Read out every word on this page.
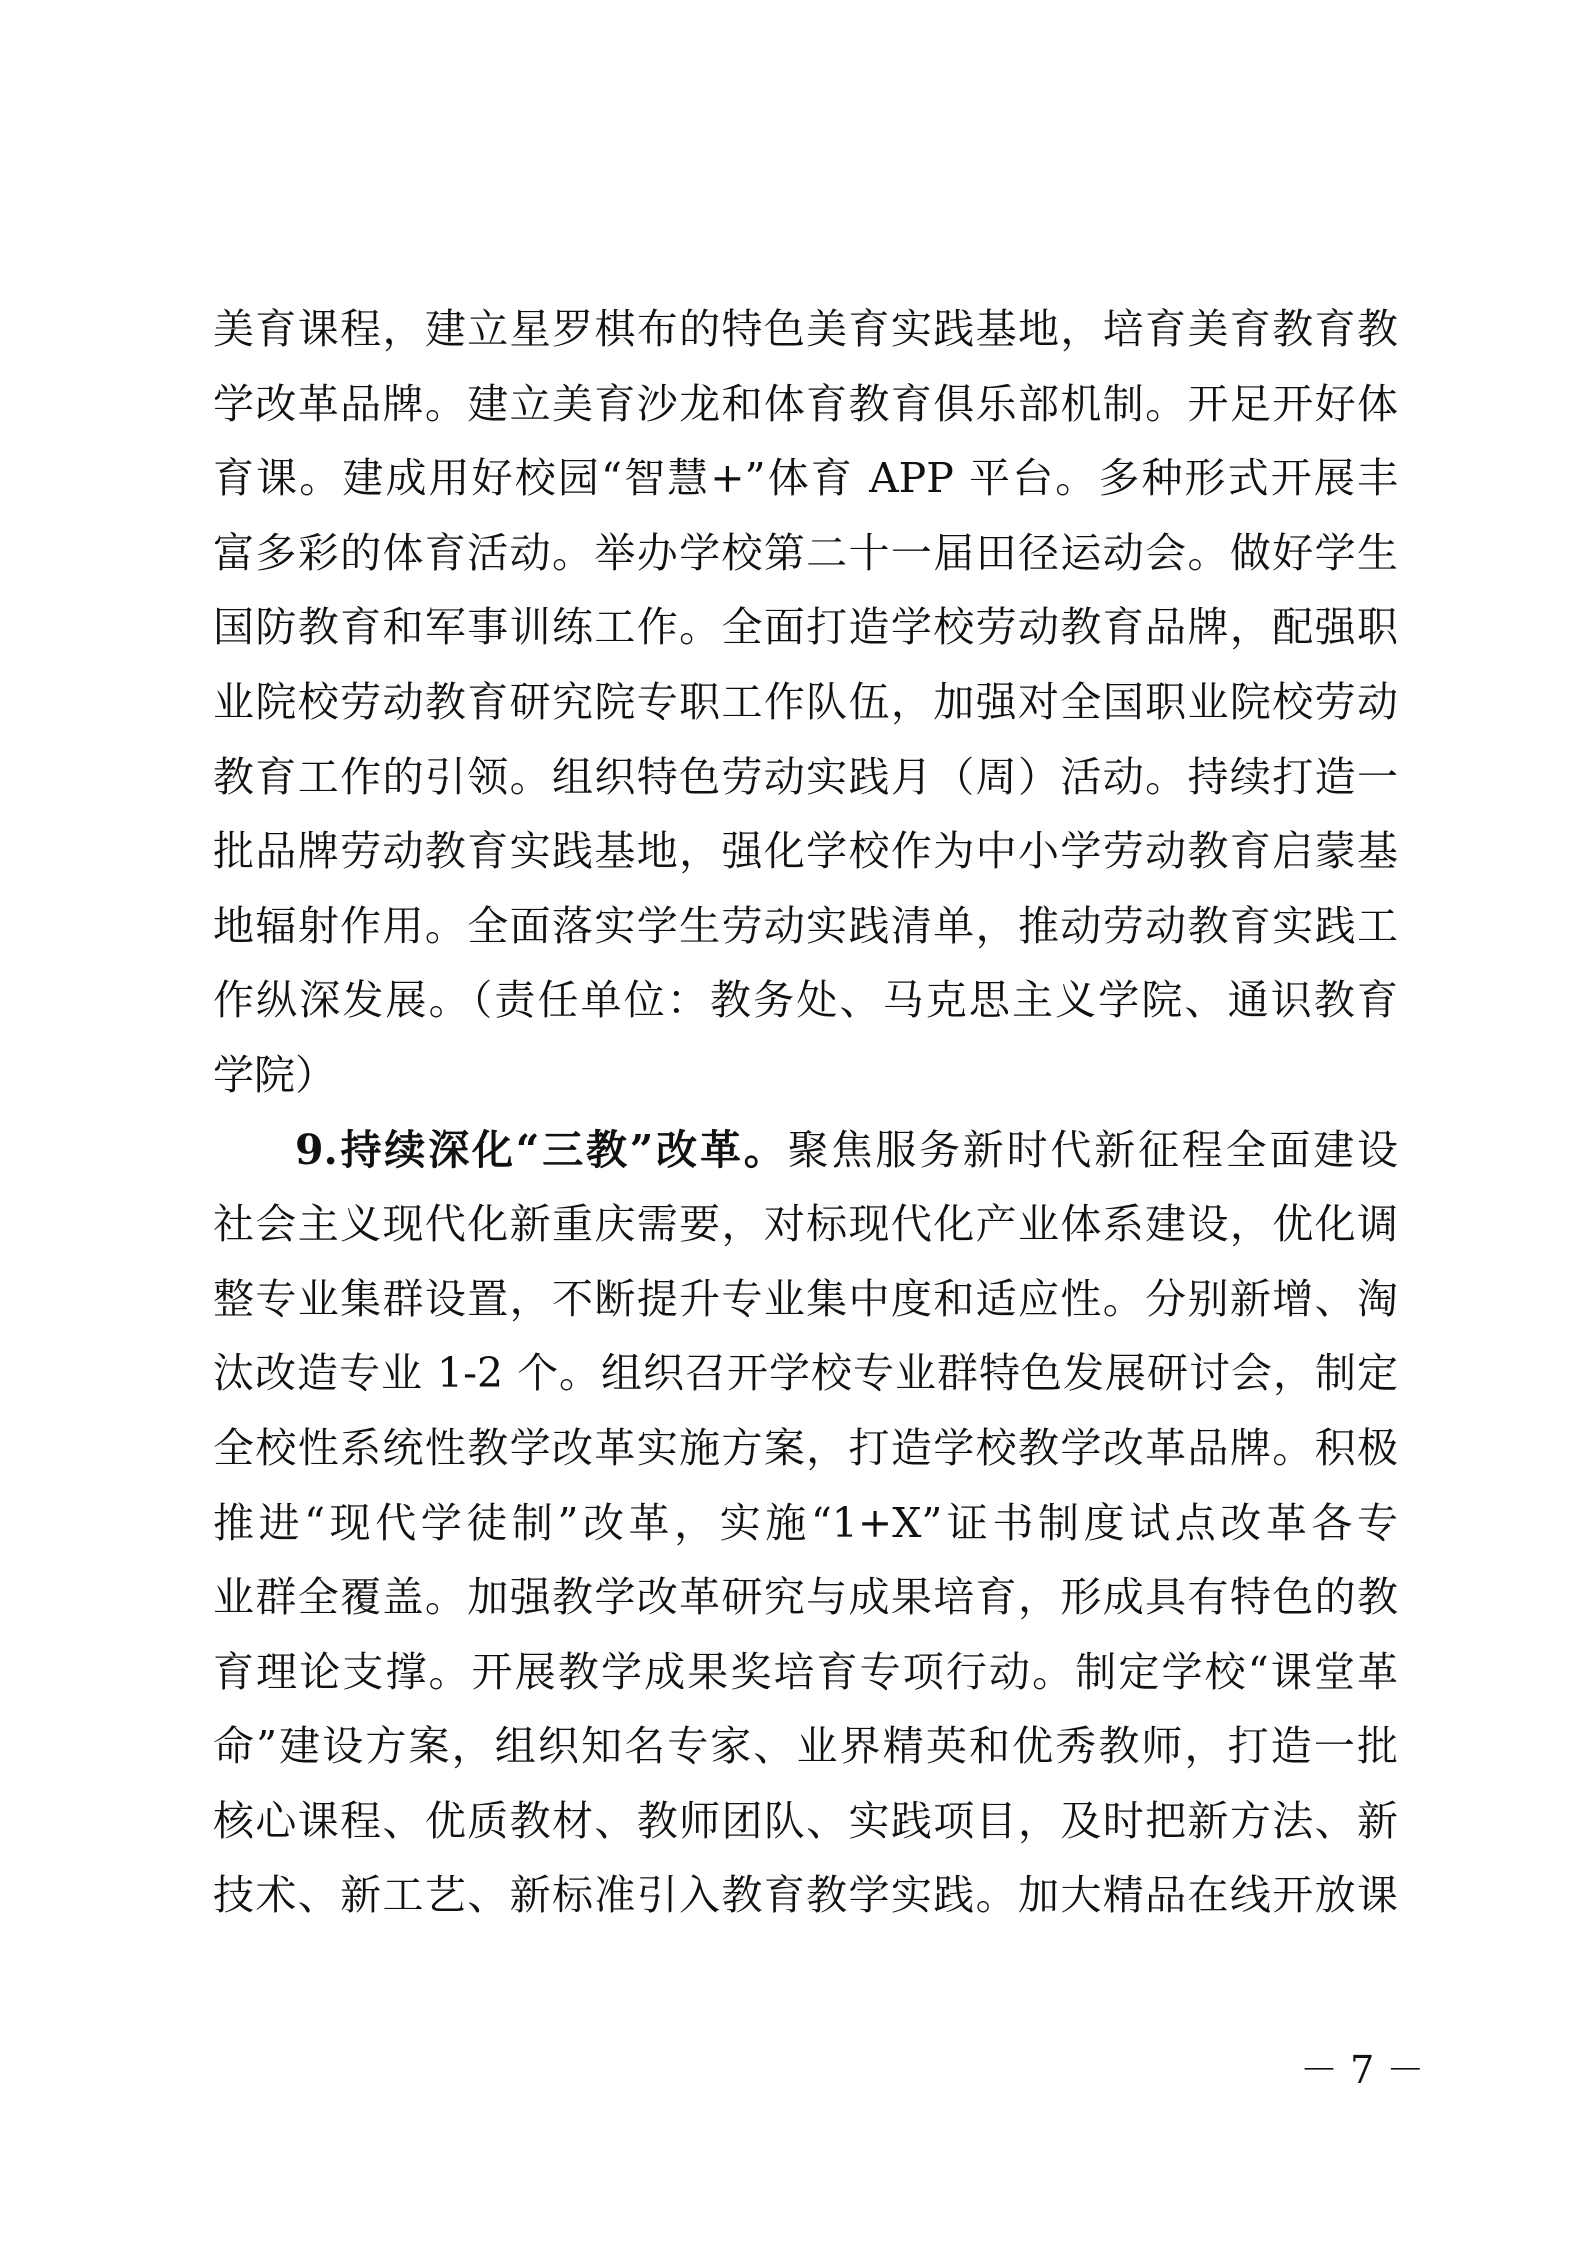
美育课程，建立星罗棋布的特色美育实践基地，培育美育教育教
学改革品牌。建立美育沙龙和体育教育俱乐部机制。开足开好体
育课。建成用好校园“智慧+”体育 APP 平台。多种形式开展丰
富多彩的体育活动。举办学校第二十一届田径运动会。做好学生
国防教育和军事训练工作。全面打造学校劳动教育品牌，配强职
业院校劳动教育研究院专职工作队伍，加强对全国职业院校劳动
教育工作的引领。组织特色劳动实践月（周）活动。持续打造一
批品牌劳动教育实践基地，强化学校作为中小学劳动教育启蒙基
地辐射作用。全面落实学生劳动实践清单，推动劳动教育实践工
作纵深发展。（责任单位：教务处、马克思主义学院、通识教育
学院）
9.持续深化“三教”改革。聚焦服务新时代新征程全面建设
社会主义现代化新重庆需要，对标现代化产业体系建设，优化调
整专业集群设置，不断提升专业集中度和适应性。分别新增、淘
汰改造专业 1-2 个。组织召开学校专业群特色发展研讨会，制定
全校性系统性教学改革实施方案，打造学校教学改革品牌。积极
推进“现代学徒制”改革，实施“1+X”证书制度试点改革各专
业群全覆盖。加强教学改革研究与成果培育，形成具有特色的教
育理论支撑。开展教学成果奖培育专项行动。制定学校“课堂革
命”建设方案，组织知名专家、业界精英和优秀教师，打造一批
核心课程、优质教材、教师团队、实践项目，及时把新方法、新
技术、新工艺、新标准引入教育教学实践。加大精品在线开放课
－ 7 －
